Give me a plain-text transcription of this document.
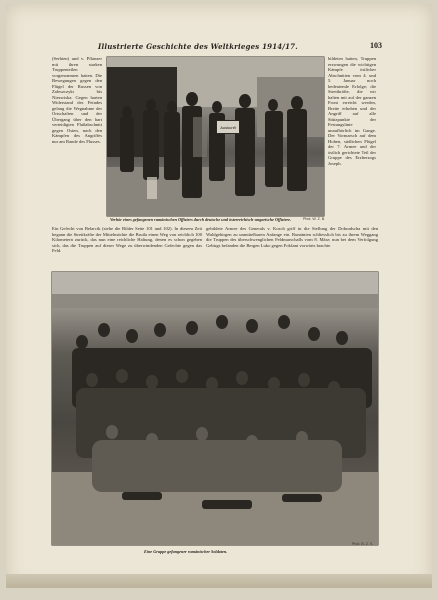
Illustrierte Geschichte des Weltkrieges 1914/17.	103
(Serbien) und v. Pflanzer mit ihren starken Truppenteilen vorgenommen hatten. Die Bewegungen gegen den Flügel der Russen von Zaleszczyki bis Niezwiska. Gegen harten Widerstand des Feindes gelang die Wegnahme der Ortschaften und der Übergang über den hart verteidigten Flußabschnitt gegen Osten, nach den Kämpfen des Angriffes nur am Rande des Flusses.
bildeten hatten, Truppen erzwungen die wichtigen Kämpfe östlicher Abschnitten vom 4. und 5. Januar noch bedeutende Erfolge; die Streitkräfte, die wir halten mit auf der ganzen Front erreicht werden, Breite erhoben und der Angriff auf alle Stützpunkte der Festungslinie unaufhörlich im Gange. Der Vormarsch auf dem Hohen, südlichen Flügel der 7. Armee und der östlich gerichtete Teil der Gruppe des Erzherzogs Joseph.
Ein Gefecht von Belarcik (siehe die Bilder Seite 101 und 102). In diesem Zeit begann die Streitkräfte der Mittelmächte die Bruila einen Weg von reichlich 100 Kilometern zurück, das nun eine reichliche Haltung, denen es schon gegeben sich, das die Truppen auf dieser Wege zu überwindenden Gefechte gegen das Feld.
gebildete Armee des Generals v. Kosch griff in die Stellung der Dobrudscha mit den Waldgebirgen zu unmittelbaren Anfange ein. Rumänien schliesslich bis zu ihrem Weggang die Truppen des überschwenglichen Feldmarschalls vom 8. März; nun bei dem Verfolgung Gebirgs befanden die Bergen Luko gegen Fokšani vorwärts brachte.
Auskunft
Verhör eines gefangenen rumänischen Offiziers durch deutsche und österreichisch-ungarische Offiziere.	Phot. W. Z. B.
Phot. B. Z. S.
Eine Gruppe gefangener rumänischer Soldaten.
